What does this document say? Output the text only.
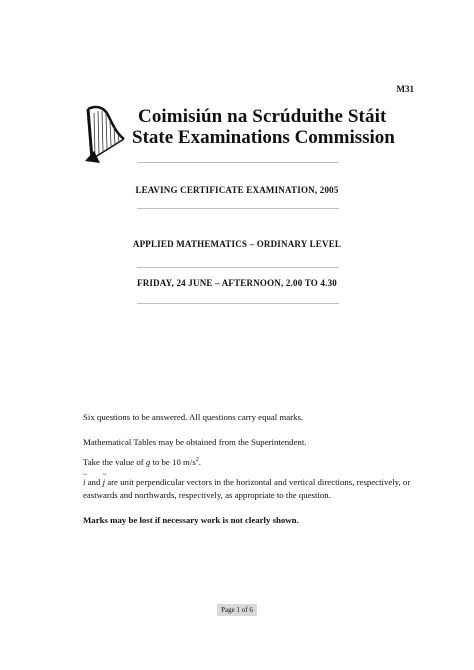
M31
Coimisiún na Scrúduithe Stáit
State Examinations Commission
LEAVING CERTIFICATE EXAMINATION, 2005
APPLIED MATHEMATICS – ORDINARY LEVEL
FRIDAY, 24 JUNE – AFTERNOON, 2.00 TO 4.30
Six questions to be answered. All questions carry equal marks.
Mathematical Tables may be obtained from the Superintendent.
Take the value of g to be 10 $m/s^2$.
~ i and ~ j are unit perpendicular vectors in the horizontal and vertical directions, respectively, or eastwards and northwards, respectively, as appropriate to the question.
Marks may be lost if necessary work is not clearly shown.
Page 1 of 6
